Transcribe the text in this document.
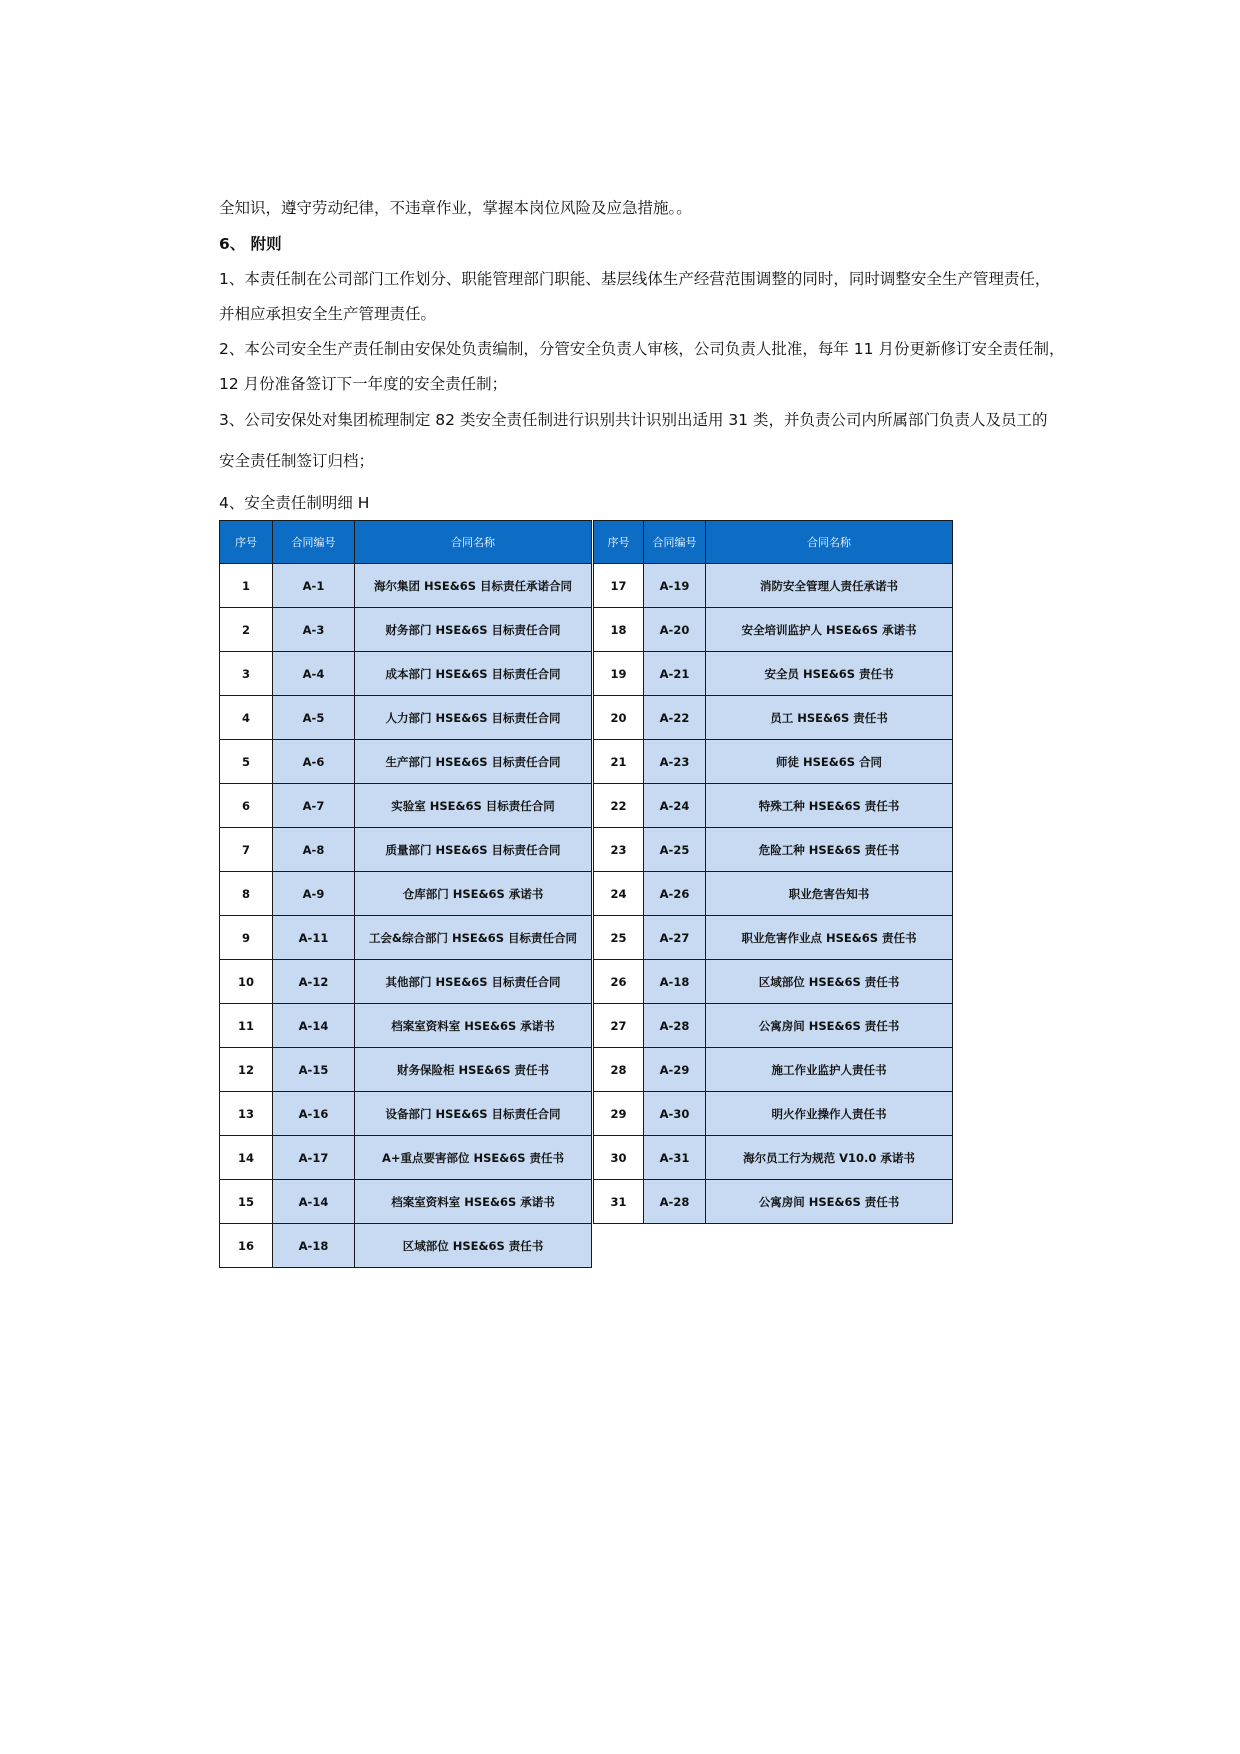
全知识，遵守劳动纪律，不违章作业，掌握本岗位风险及应急措施。。

6、 附则

1、本责任制在公司部门工作划分、职能管理部门职能、基层线体生产经营范围调整的同时，同时调整安全生产管理责任，

并相应承担安全生产管理责任。

2、本公司安全生产责任制由安保处负责编制，分管安全负责人审核，公司负责人批准，每年 11 月份更新修订安全责任制，

12 月份准备签订下一年度的安全责任制；

3、公司安保处对集团梳理制定 82 类安全责任制进行识别共计识别出适用 31 类，并负责公司内所属部门负责人及员工的

安全责任制签订归档；

4、安全责任制明细 H

序号	合同编号	合同名称
1	A-1	海尔集团 HSE&6S 目标责任承诺合同
2	A-3	财务部门 HSE&6S 目标责任合同
3	A-4	成本部门 HSE&6S 目标责任合同
4	A-5	人力部门 HSE&6S 目标责任合同
5	A-6	生产部门 HSE&6S 目标责任合同
6	A-7	实验室 HSE&6S 目标责任合同
7	A-8	质量部门 HSE&6S 目标责任合同
8	A-9	仓库部门 HSE&6S 承诺书
9	A-11	工会&综合部门 HSE&6S 目标责任合同
10	A-12	其他部门 HSE&6S 目标责任合同
11	A-14	档案室资料室 HSE&6S 承诺书
12	A-15	财务保险柜 HSE&6S 责任书
13	A-16	设备部门 HSE&6S 目标责任合同
14	A-17	A+重点要害部位 HSE&6S 责任书
15	A-14	档案室资料室 HSE&6S 承诺书
16	A-18	区域部位 HSE&6S 责任书
序号	合同编号	合同名称
17	A-19	消防安全管理人责任承诺书
18	A-20	安全培训监护人 HSE&6S 承诺书
19	A-21	安全员 HSE&6S 责任书
20	A-22	员工 HSE&6S 责任书
21	A-23	师徒 HSE&6S 合同
22	A-24	特殊工种 HSE&6S 责任书
23	A-25	危险工种 HSE&6S 责任书
24	A-26	职业危害告知书
25	A-27	职业危害作业点 HSE&6S 责任书
26	A-18	区域部位 HSE&6S 责任书
27	A-28	公寓房间 HSE&6S 责任书
28	A-29	施工作业监护人责任书
29	A-30	明火作业操作人责任书
30	A-31	海尔员工行为规范 V10.0 承诺书
31	A-28	公寓房间 HSE&6S 责任书
